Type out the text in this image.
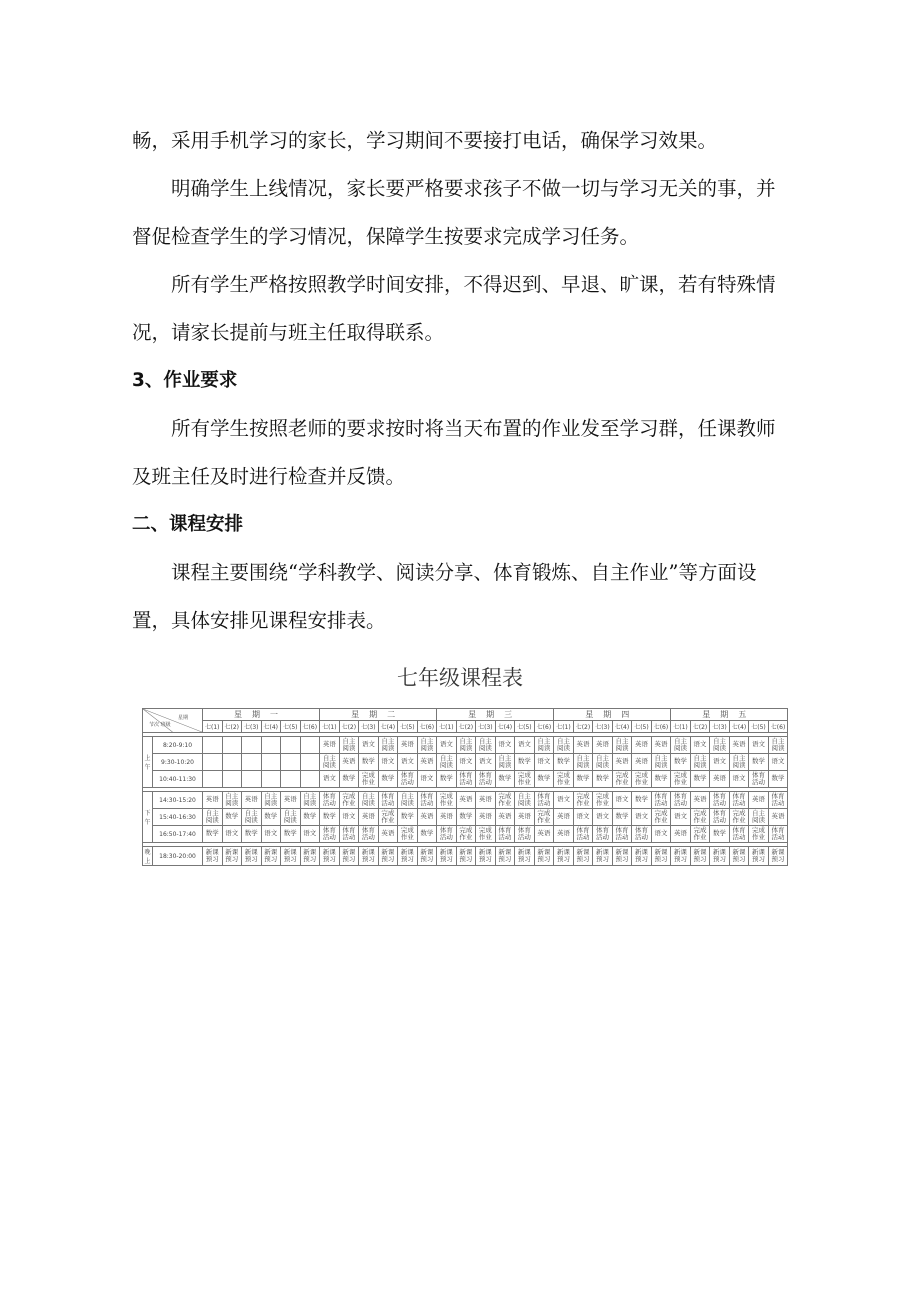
畅，采用手机学习的家长，学习期间不要接打电话，确保学习效果。

明确学生上线情况，家长要严格要求孩子不做一切与学习无关的事，并督促检查学生的学习情况，保障学生按要求完成学习任务。

所有学生严格按照教学时间安排，不得迟到、早退、旷课，若有特殊情况，请家长提前与班主任取得联系。

3、作业要求

所有学生按照老师的要求按时将当天布置的作业发至学习群，任课教师及班主任及时进行检查并反馈。

二、课程安排

课程主要围绕“学科教学、阅读分享、体育锻炼、自主作业”等方面设置，具体安排见课程安排表。

七年级课程表
星期
节次 班级		星期一						星期二						星期三						星期四						星期五					
		七(1)	七(2)	七(3)	七(4)	七(5)	七(6)	七(1)	七(2)	七(3)	七(4)	七(5)	七(6)	七(1)	七(2)	七(3)	七(4)	七(5)	七(6)	七(1)	七(2)	七(3)	七(4)	七(5)	七(6)	七(1)	七(2)	七(3)	七(4)	七(5)	七(6)

上午	8:20-9:10							英语	自主阅读	语文	自主阅读	英语	自主阅读	语文	自主阅读	自主阅读	语文	语文	自主阅读	自主阅读	英语	英语	自主阅读	英语	英语	自主阅读	语文	自主阅读	英语	语文	自主阅读
	9:30-10:20							自主阅读	英语	数学	语文	语文	英语	自主阅读	语文	语文	自主阅读	数学	语文	数学	自主阅读	自主阅读	英语	英语	自主阅读	数学	自主阅读	语文	自主阅读	数学	语文
	10:40-11:30							语文	数学	完成作业	数学	体育活动	语文	数学	体育活动	体育活动	数学	完成作业	数学	完成作业	数学	数学	完成作业	完成作业	数学	完成作业	数学	英语	语文	体育活动	数学

下午	14:30-15:20	英语	自主阅读	英语	自主阅读	英语	自主阅读	体育活动	完成作业	自主阅读	体育活动	自主阅读	体育活动	完成作业	英语	英语	完成作业	自主阅读	体育活动	语文	完成作业	完成作业	语文	数学	体育活动	体育活动	英语	体育活动	体育活动	英语	体育活动
	15:40-16:30	自主阅读	数学	自主阅读	数学	自主阅读	数学	数学	语文	英语	完成作业	数学	英语	英语	数学	英语	英语	英语	完成作业	英语	语文	语文	数学	语文	完成作业	语文	完成作业	体育活动	完成作业	自主阅读	英语
	16:50-17:40	数学	语文	数学	语文	数学	语文	体育活动	体育活动	体育活动	英语	完成作业	数学	体育活动	完成作业	完成作业	体育活动	体育活动	英语	英语	体育活动	体育活动	体育活动	体育活动	语文	英语	完成作业	数学	体育活动	完成作业	体育活动

晚上	18:30-20:00	新课预习	新课预习	新课预习	新课预习	新课预习	新课预习	新课预习	新课预习	新课预习	新课预习	新课预习	新课预习	新课预习	新课预习	新课预习	新课预习	新课预习	新课预习	新课预习	新课预习	新课预习	新课预习	新课预习	新课预习	新课预习	新课预习	新课预习	新课预习	新课预习	新课预习
